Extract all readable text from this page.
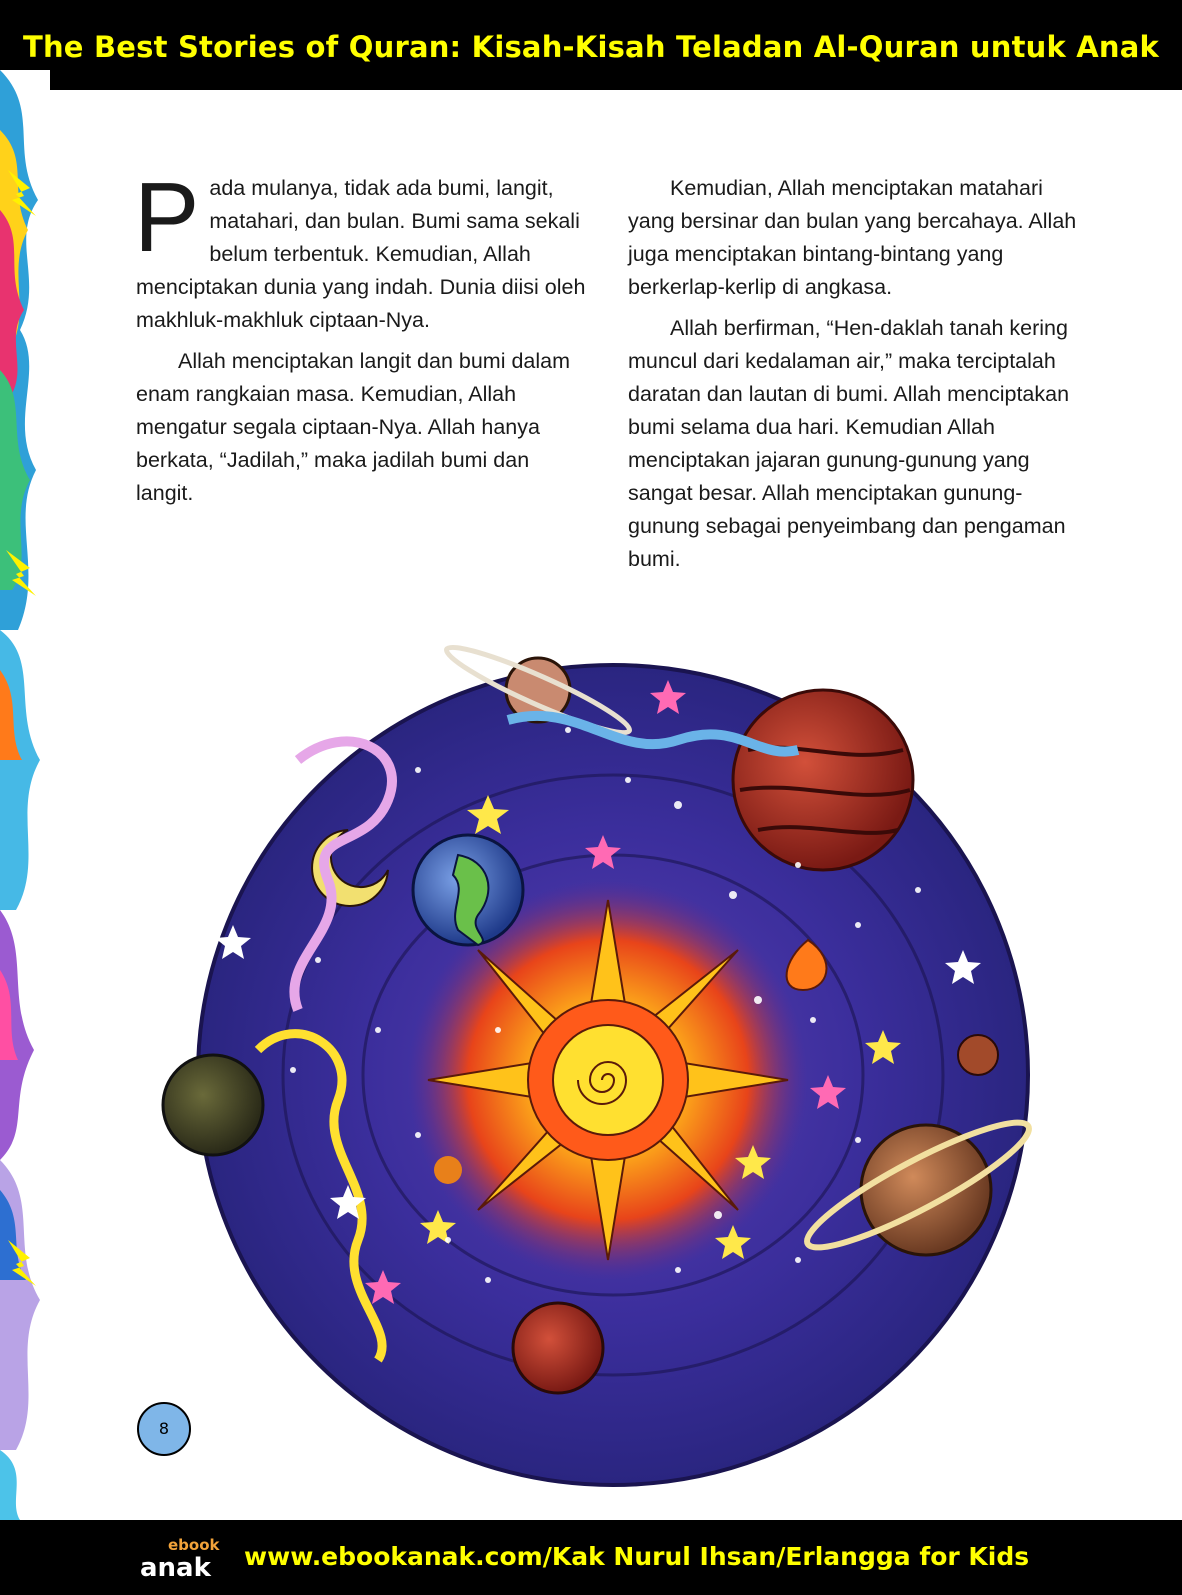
The Best Stories of Quran: Kisah-Kisah Teladan Al-Quran untuk Anak

Pada mulanya, tidak ada bumi, langit, matahari, dan bulan. Bumi sama sekali belum terbentuk. Kemudian, Allah menciptakan dunia yang indah. Dunia diisi oleh makhluk-makhluk ciptaan-Nya.

Allah menciptakan langit dan bumi dalam enam rangkaian masa. Kemudian, Allah mengatur segala ciptaan-Nya. Allah hanya berkata, “Jadilah,” maka jadilah bumi dan langit.

Kemudian, Allah menciptakan matahari yang bersinar dan bulan yang bercahaya. Allah juga menciptakan bintang-bintang yang berkerlap-kerlip di angkasa.

Allah berfirman, “Hen-daklah tanah kering muncul dari kedalaman air,” maka terciptalah daratan dan lautan di bumi. Allah menciptakan bumi selama dua hari. Kemudian Allah menciptakan jajaran gunung-gunung yang sangat besar. Allah menciptakan gunung-gunung sebagai penyeimbang dan pengaman bumi.

8
ebook
anak www.ebookanak.com/Kak Nurul Ihsan/Erlangga for Kids
